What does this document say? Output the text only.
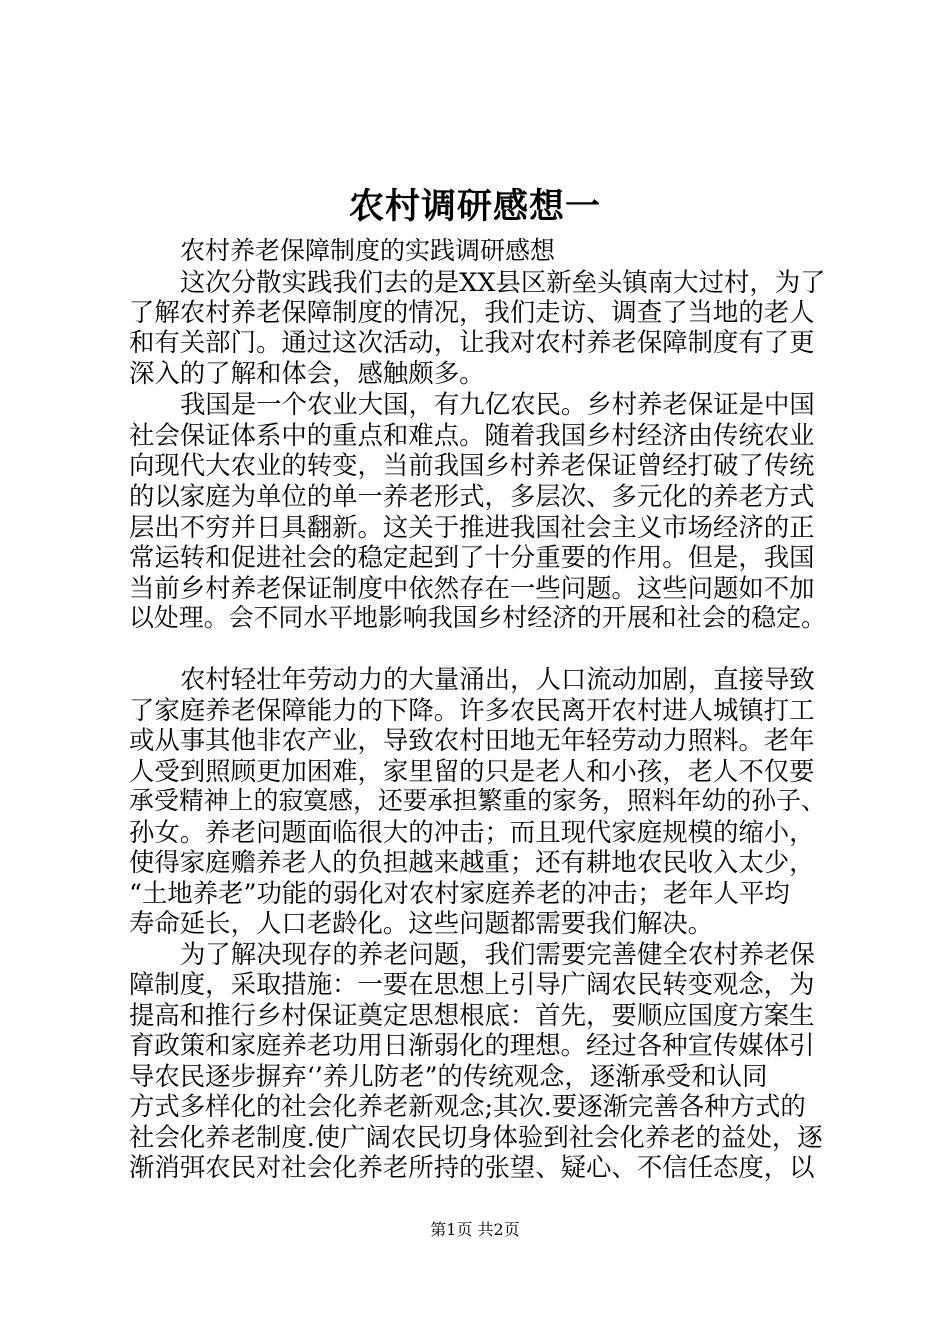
农村调研感想一
农村养老保障制度的实践调研感想
这次分散实践我们去的是XX县区新垒头镇南大过村，为了
了解农村养老保障制度的情况，我们走访、调查了当地的老人
和有关部门。通过这次活动，让我对农村养老保障制度有了更
深入的了解和体会，感触颇多。
我国是一个农业大国，有九亿农民。乡村养老保证是中国
社会保证体系中的重点和难点。随着我国乡村经济由传统农业
向现代大农业的转变，当前我国乡村养老保证曾经打破了传统
的以家庭为单位的单一养老形式，多层次、多元化的养老方式
层出不穷并日具翻新。这关于推进我国社会主义市场经济的正
常运转和促进社会的稳定起到了十分重要的作用。但是，我国
当前乡村养老保证制度中依然存在一些问题。这些问题如不加
以处理。会不同水平地影响我国乡村经济的开展和社会的稳定。
农村轻壮年劳动力的大量涌出，人口流动加剧，直接导致
了家庭养老保障能力的下降。许多农民离开农村进人城镇打工
或从事其他非农产业，导致农村田地无年轻劳动力照料。老年
人受到照顾更加困难，家里留的只是老人和小孩，老人不仅要
承受精神上的寂寞感，还要承担繁重的家务，照料年幼的孙子、
孙女。养老问题面临很大的冲击；而且现代家庭规模的缩小，
使得家庭赡养老人的负担越来越重；还有耕地农民收入太少，
“土地养老”功能的弱化对农村家庭养老的冲击；老年人平均
寿命延长，人口老龄化。这些问题都需要我们解决。
为了解决现存的养老问题，我们需要完善健全农村养老保
障制度，采取措施：一要在思想上引导广阔农民转变观念，为
提高和推行乡村保证奠定思想根底：首先，要顺应国度方案生
育政策和家庭养老功用日渐弱化的理想。经过各种宣传媒体引
导农民逐步摒弃‘’养儿防老”的传统观念，逐渐承受和认同
方式多样化的社会化养老新观念;其次.要逐渐完善各种方式的
社会化养老制度.使广阔农民切身体验到社会化养老的益处，逐
渐消弭农民对社会化养老所持的张望、疑心、不信任态度，以
第1页 共2页
